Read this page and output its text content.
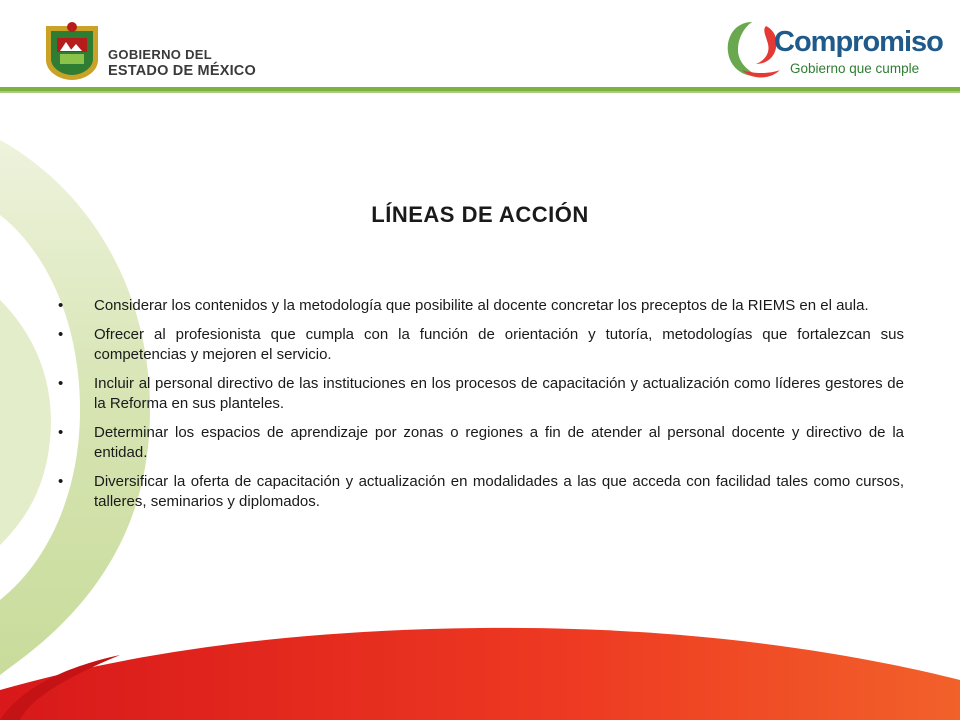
GOBIERNO DEL
ESTADO DE MÉXICO
Compromiso
Gobierno que cumple
LÍNEAS DE ACCIÓN
• Considerar los contenidos y la metodología que posibilite al docente concretar los preceptos de la RIEMS en el aula.
• Ofrecer al profesionista que cumpla con la función de orientación y tutoría, metodologías que fortalezcan sus competencias y mejoren el servicio.
• Incluir al personal directivo de las instituciones en los procesos de capacitación y actualización como líderes gestores de la Reforma en sus planteles.
• Determinar los espacios de aprendizaje por zonas o regiones a fin de atender al personal docente y directivo de la entidad.
• Diversificar la oferta de capacitación y actualización en modalidades a las que acceda con facilidad tales como cursos, talleres, seminarios y diplomados.
